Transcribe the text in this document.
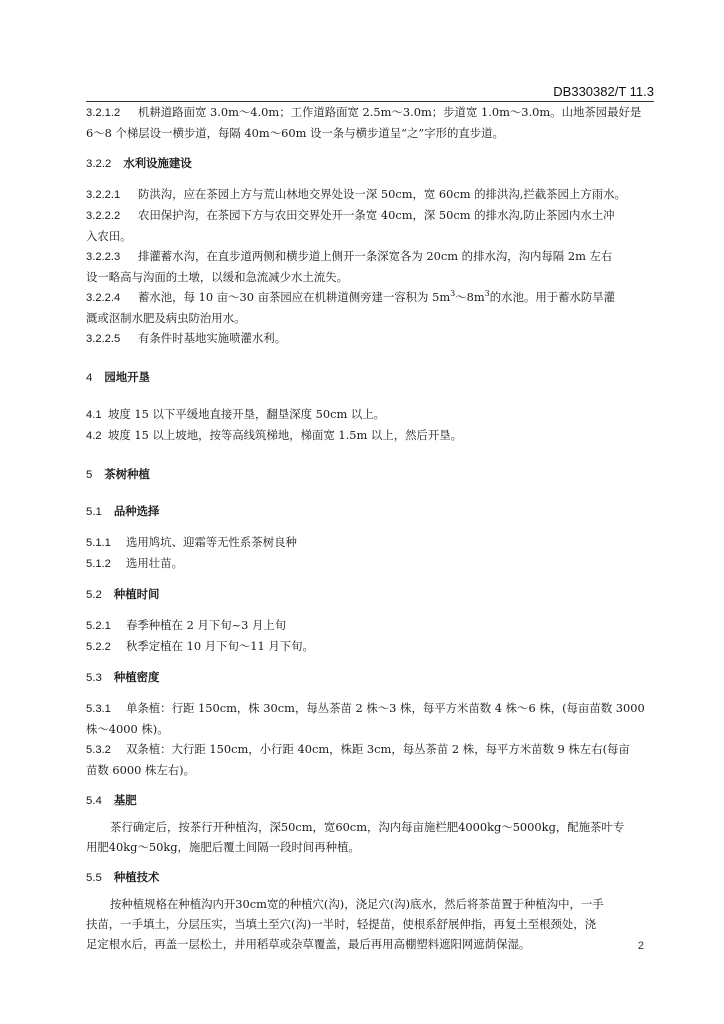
DB330382/T 11.3

3.2.1.2 机耕道路面宽 3.0m～4.0m；工作道路面宽 2.5m～3.0m；步道宽 1.0m～3.0m。山地茶园最好是

6～8 个梯层设一横步道，每隔 40m～60m 设一条与横步道呈“之”字形的直步道。

3.2.2 水利设施建设

3.2.2.1 防洪沟，应在茶园上方与荒山林地交界处设一深 50cm，宽 60cm 的排洪沟,拦截茶园上方雨水。

3.2.2.2 农田保护沟，在茶园下方与农田交界处开一条宽 40cm，深 50cm 的排水沟,防止茶园内水土冲

入农田。

3.2.2.3 排灌蓄水沟，在直步道两侧和横步道上侧开一条深宽各为 20cm 的排水沟，沟内每隔 2m 左右

设一略高与沟面的土墩，以缓和急流减少水土流失。

3.2.2.4 蓄水池，每 10 亩～30 亩茶园应在机耕道侧旁建一容积为 $5m^3\sim 8m^3$的水池。用于蓄水防旱灌

溉或沤制水肥及病虫防治用水。

3.2.2.5 有条件时基地实施喷灌水利。

4 园地开垦

4.1 坡度 15 以下平缓地直接开垦，翻垦深度 50cm 以上。

4.2 坡度 15 以上坡地，按等高线筑梯地，梯面宽 1.5m 以上，然后开垦。

5 茶树种植

5.1 品种选择

5.1.1 选用鸠坑、迎霜等无性系茶树良种

5.1.2 选用壮苗。

5.2 种植时间

5.2.1 春季种植在 2 月下旬~3 月上旬

5.2.2 秋季定植在 10 月下旬～11 月下旬。

5.3 种植密度

5.3.1 单条植：行距 150cm，株 30cm，每丛茶苗 2 株～3 株，每平方米苗数 4 株～6 株，(每亩苗数 3000

株～4000 株)。

5.3.2 双条植：大行距 150cm，小行距 40cm，株距 3cm，每丛茶苗 2 株，每平方米苗数 9 株左右(每亩

苗数 6000 株左右)。

5.4 基肥

茶行确定后，按茶行开种植沟，深50cm，宽60cm，沟内每亩施栏肥4000kg～5000kg，配施茶叶专

用肥40kg～50kg，施肥后覆土间隔一段时间再种植。

5.5 种植技术

按种植规格在种植沟内开30cm宽的种植穴(沟)，浇足穴(沟)底水，然后将茶苗置于种植沟中，一手

扶苗，一手填土，分层压实，当填土至穴(沟)一半时，轻提苗，使根系舒展伸指，再复土至根颈处，浇

足定根水后，再盖一层松土，并用稻草或杂草覆盖，最后再用高棚塑料遮阳网遮荫保湿。	2
